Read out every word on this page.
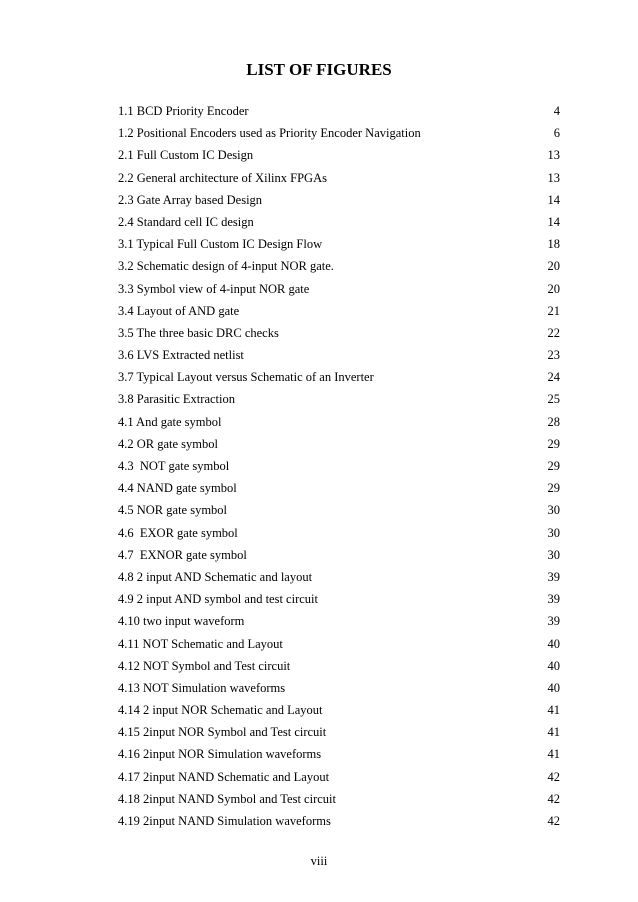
LIST OF FIGURES
1.1 BCD Priority Encoder	4
1.2 Positional Encoders used as Priority Encoder Navigation	6
2.1 Full Custom IC Design	13
2.2 General architecture of Xilinx FPGAs	13
2.3 Gate Array based Design	14
2.4 Standard cell IC design	14
3.1 Typical Full Custom IC Design Flow	18
3.2 Schematic design of 4-input NOR gate.	20
3.3 Symbol view of 4-input NOR gate	20
3.4 Layout of AND gate	21
3.5 The three basic DRC checks	22
3.6 LVS Extracted netlist	23
3.7 Typical Layout versus Schematic of an Inverter	24
3.8 Parasitic Extraction	25
4.1 And gate symbol	28
4.2 OR gate symbol	29
4.3  NOT gate symbol	29
4.4 NAND gate symbol	29
4.5 NOR gate symbol	30
4.6  EXOR gate symbol	30
4.7  EXNOR gate symbol	30
4.8 2 input AND Schematic and layout	39
4.9 2 input AND symbol and test circuit	39
4.10 two input waveform	39
4.11 NOT Schematic and Layout	40
4.12 NOT Symbol and Test circuit	40
4.13 NOT Simulation waveforms	40
4.14 2 input NOR Schematic and Layout	41
4.15 2input NOR Symbol and Test circuit	41
4.16 2input NOR Simulation waveforms	41
4.17 2input NAND Schematic and Layout	42
4.18 2input NAND Symbol and Test circuit	42
4.19 2input NAND Simulation waveforms	42
viii
